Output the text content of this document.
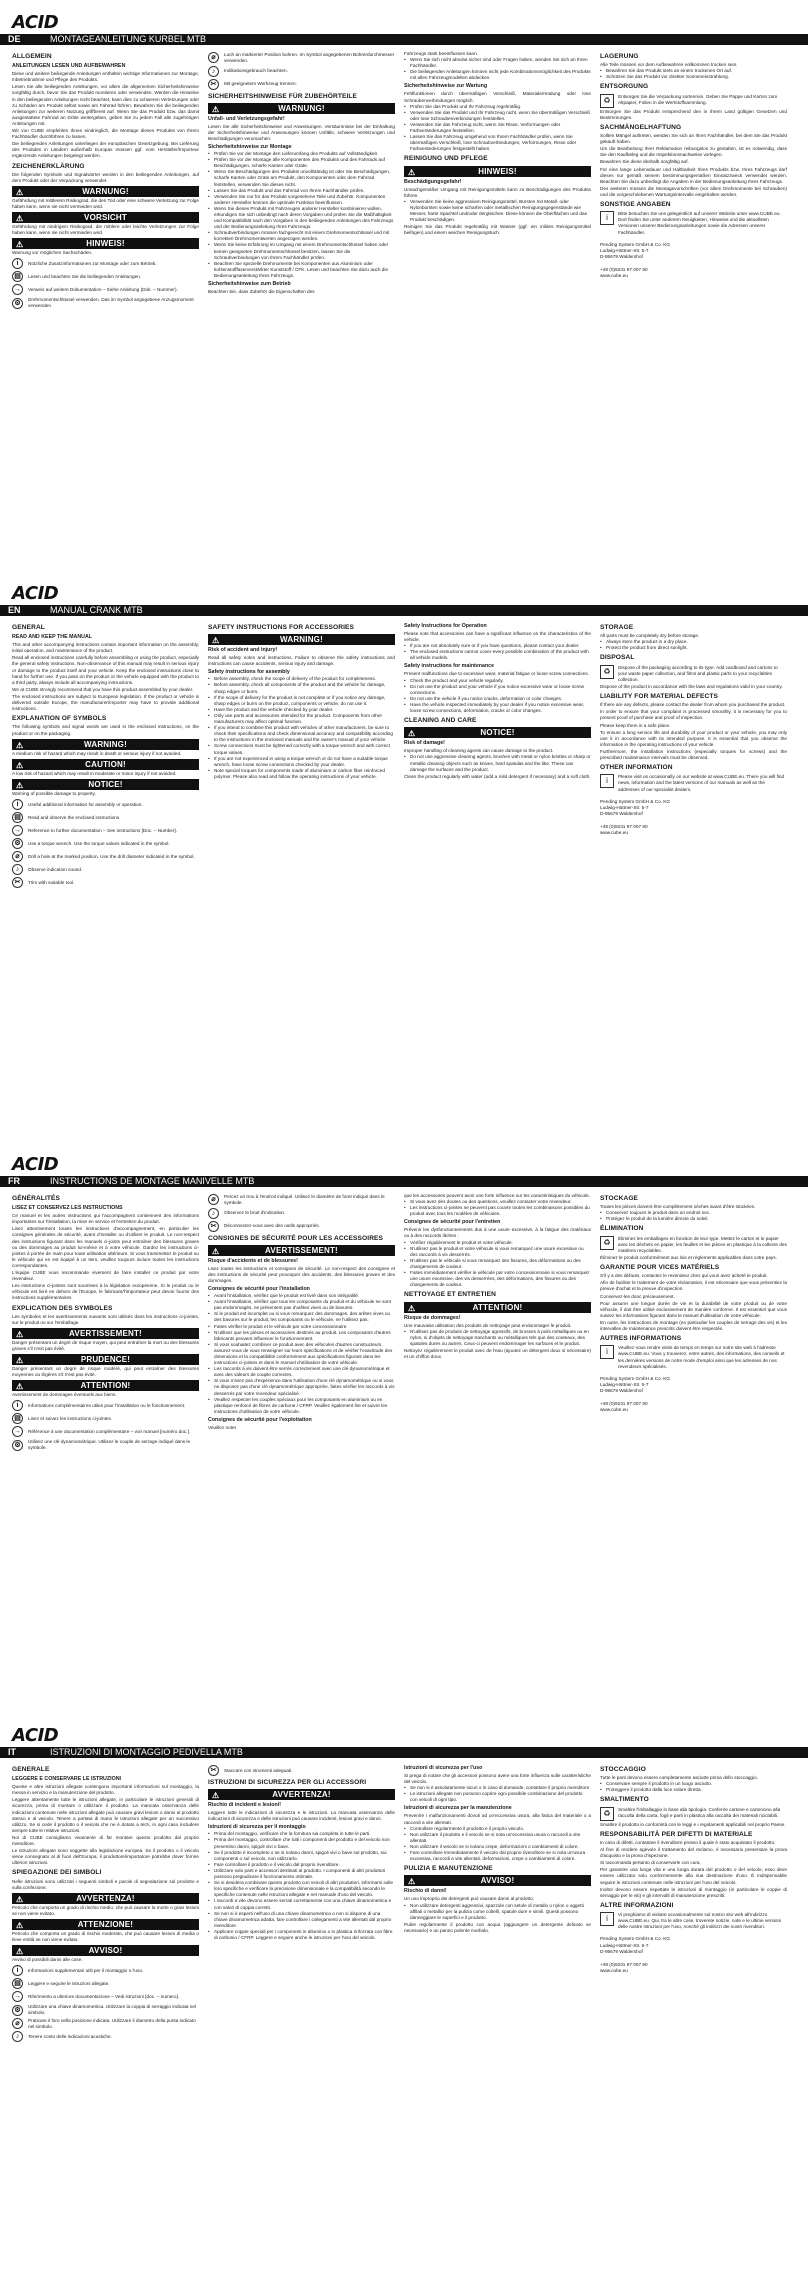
ACID
DE	MONTAGEANLEITUNG KURBEL MTB
ALLGEMEIN
ANLEITUNGEN LESEN UND AUFBEWAHREN
Diese und weitere beiliegende Anleitungen enthalten wichtige Informationen zur Montage, Inbetriebnahme und Pflege des Produkts.
Lesen Sie alle beiliegenden Anleitungen, vor allem die allgemeinen Sicherheitshinweise sorgfältig durch, bevor Sie das Produkt montieren oder verwenden. Werden die Hinweise in den beiliegenden Anleitungen nicht beachtet, kann dies zu schweren Verletzungen oder zu Schäden am Produkt selbst sowie am Fahrrad führen. Bewahren Sie die beiliegenden Anleitungen zur weiteren Nutzung griffbereit auf. Wenn Sie das Produkt bzw. das damit ausgestattete Fahrrad an Dritte weitergeben, geben Sie zu jedem Fall alle zugehörigen Anleitungen mit.
Wir von CUBE empfehlen Ihnen eindringlich, die Montage dieses Produkts von Ihrem Fachhändler durchführen zu lassen.
Die beiliegenden Anleitungen unterliegen der europäischen Gesetzgebung. Bei Lieferung des Produkts in Ländern außerhalb Europas müssen ggf. vom Hersteller/Importeur ergänzende Anleitungen beigelegt werden.
ZEICHENERKLÄRUNG
Die folgenden Symbole und Signalwörter werden in den beiliegenden Anleitungen, auf dem Produkt oder der Verpackung verwendet.
⚠	WARNUNG!
Gefährdung mit mittlerem Risikograd, die den Tod oder eine schwere Verletzung zur Folge haben kann, wenn sie nicht vermieden wird.
⚠	VORSICHT
Gefährdung mit niedrigem Risikograd, die mittlere oder leichte Verletzungen zur Folge haben kann, wenn sie nicht vermieden wird.
⚠	HINWEIS!
Warnung vor möglichen Sachschäden.
i	Nützliche Zusatzinformationen zur Montage oder zum Betrieb.
▤	Lesen und beachten Sie die beiliegenden Anleitungen.
→	Verweis auf weitere Dokumentation – Siehe Anleitung (Dok. – Nummer).
⚙	Drehmomentschlüssel verwenden. Das im Symbol angegebene Anzugsmoment verwenden.
⌀	Loch an markierter Position bohren. Im Symbol angegebenen Bohrerdurchmesser verwenden.
♪	Indikationsgebrauch beachten.
✂	Mit geeignetem Werkzeug trennen.
SICHERHEITSHINWEISE FÜR ZUBEHÖRTEILE
⚠	WARNUNG!
Unfall- und Verletzungsgefahr!
Lesen Sie alle Sicherheitshinweise und Anweisungen. Versäumnisse bei der Einhaltung der Sicherheitshinweise und Anweisungen können Unfälle, schwere Verletzungen und Beschädigungen verursachen.
Sicherheitshinweise zur Montage
• Prüfen Sie vor der Montage den Lieferumfang des Produkts auf Vollständigkeit.
• Prüfen Sie vor der Montage alle Komponenten des Produkts und des Fahrrads auf Beschädigungen, scharfe Kanten oder Grate.
• Wenn Sie Beschädigungen des Produkts unvollständig ist oder Sie Beschädigungen, scharfe Kanten oder Grate am Produkt, den Komponenten oder dem Fahrrad feststellen, verwenden Sie dieses nicht.
• Lassen Sie das Produkt und das Fahrrad von Ihrem Fachhändler prüfen.
• Verwenden Sie nur für das Produkt vorgesehene Teile und Zubehör. Komponenten anderer Hersteller können die optimale Funktion beeinflussen.
• Wenn Sie dieses Produkt mit Fahrzeugen anderer Hersteller kombinieren wollen, erkundigen Sie sich unbedingt nach deren Vorgaben und prüfen Sie die Maßhaltigkeit und Kompatibilität nach den Vorgaben in den beiliegenden Anleitungen des Fahrzeugs und der Bedienungsanleitung Ihres Fahrzeugs.
• Schraubverbindungen müssen fachgerecht mit einem Drehmomentschlüssel und mit korrekten Drehmomentwerten angezogen werden.
• Wenn Sie keine Erfahrung im Umgang mit einem Drehmomentschlüssel haben oder keinen geeigneten Drehmomentschlüssel besitzen, lassen Sie die Schraubverbindungen von Ihrem Fachhändler prüfen.
• Beachten Sie spezielle Drehmomente bei Komponenten aus Aluminium oder kohlenstofffaserverstärkter Kunststoff / CFK. Lesen und beachten Sie dazu auch die Bedienungsanleitung Ihres Fahrzeugs.
Sicherheitshinweise zum Betrieb
Beachten Sie, dass Zubehör die Eigenschaften des
Fahrzeugs stark beeinflussen kann.
• Wenn Sie sich nicht absolut sicher sind oder Fragen haben, wenden Sie sich an Ihren Fachhändler.
• Die beiliegenden Anleitungen können nicht jede Kombinationsmöglichkeit des Produkts mit allen Fahrzeugmodellen abdecken.
Sicherheitshinweise zur Wartung
Fehlfunktionen durch übermäßigen Verschleiß, Materialermüdung oder lose Schraubenverbindungen möglich.
• Prüfen Sie das Produkt und Ihr Fahrzeug regelmäßig.
• Verwenden Sie das Produkt und Ihr Fahrzeug nicht, wenn Sie übermäßigen Verschleiß oder lose Schraubenverbindungen feststellen.
• Verwenden Sie das Fahrzeug nicht, wenn Sie Risse, Verformungen oder Farbveränderungen feststellen.
• Lassen Sie das Fahrzeug umgehend von Ihrem Fachhändler prüfen, wenn Sie übermäßigen Verschleiß, lose Schraubverbindungen, Verformungen, Risse oder Farbveränderungen festgestellt haben.
REINIGUNG UND PFLEGE
⚠	HINWEIS!
Beschädigungsgefahr!
Unsachgemäßer Umgang mit Reinigungsmitteln kann zu Beschädigungen des Produkts führen.
• Verwenden Sie keine aggressiven Reinigungsmittel, Bürsten mit Metall- oder Nylonborsten sowie keine scharfen oder metallischen Reinigungsgegenstände wie Messer, harte Spachtel und/oder dergleichen. Diese können die Oberflächen und das Produkt beschädigen.
Reinigen Sie das Produkt regelmäßig mit Wasser (ggf. ein mildes Reinigungsmittel beifügen) und einem weichen Reinigungstuch.
LAGERUNG
Alle Teile müssen vor dem Aufbewahren vollkommen trocken sein.
• Bewahren Sie das Produkt stets an einem trockenen Ort auf.
• Schützen Sie das Produkt vor direkter Sonneneinstrahlung.
ENTSORGUNG
♻	Entsorgen Sie die Verpackung sortenrein. Geben Sie Pappe und Karton zum Altpapier, Folien in die Wertstoffsammlung.
Entsorgen Sie das Produkt entsprechend den in Ihrem Land gültigen Gesetzen und Bestimmungen.
SACHMÄNGELHAFTUNG
Sollten Mängel auftreten, wenden Sie sich an Ihren Fachhändler, bei dem Sie das Produkt gekauft haben.
Um die Bearbeitung Ihrer Reklamation reibungslos zu gestalten, ist es notwendig, dass Sie den Kaufbeleg und die Inspektionsnachweise vorlegen.
Bewahren Sie diese deshalb sorgfältig auf.
Für eine lange Lebensdauer und Haltbarkeit Ihres Produkts bzw. Ihres Fahrzeugs darf dieses nur gemäß seinem bestimmungsgemäßen Einsatzzweck verwendet werden. Beachten Sie dazu unbedingt die Angaben in der Bedienungsanleitung Ihres Fahrzeugs.
Des weiteren müssen die Montagevorschriften (vor allem Drehmomente bei Schrauben) und die vorgeschriebenen Wartungsintervalle eingehalten werden.
SONSTIGE ANGABEN
i	Bitte besuchen Sie uns gelegentlich auf unserer Website unter www.CUBE.eu. Dort finden Sie unter anderem Neuigkeiten, Hinweise und die aktuellsten Versionen unserer Bedienungsanleitungen sowie die Adressen unserer Fachhändler.
Pending System GmbH & Co. KG
Ludwig-Hüttner-Str. 5-7
D-95679 Waldershof
+49 (0)9231 97 007 80
www.cube.eu
ACID
EN	MANUAL CRANK MTB
GENERAL
READ AND KEEP THE MANUAL
This and other accompanying instructions contain important information on the assembly, initial operation, and maintenance of the product.
Read all enclosed instructions carefully before assembling or using the product, especially the general safety instructions. Non-observance of this manual may result in serious injury or damage to the product itself and your vehicle. Keep the enclosed instructions close to hand for further use. If you pass on the product or the vehicle equipped with the product to a third party, always include all accompanying instructions.
We at CUBE strongly recommend that you have this product assembled by your dealer.
The enclosed instructions are subject to European legislation. If the product or vehicle is delivered outside Europe, the manufacturer/importer may have to provide additional instructions.
EXPLANATION OF SYMBOLS
The following symbols and signal words are used in the enclosed instructions, on the product or on the packaging.
⚠	WARNING!
A medium risk of hazard which may result in death or serious injury if not avoided.
⚠	CAUTION!
A low risk of hazard which may result in moderate or minor injury if not avoided.
⚠	NOTICE!
Warning of possible damage to property.
i	Useful additional information for assembly or operation.
▤	Read and observe the enclosed instructions.
→	Reference to further documentation – See instructions [Doc. – Number].
⚙	Use a torque wrench. Use the torque values indicated in the symbol.
⌀	Drill a hole at the marked position. Use the drill diameter indicated in the symbol.
♪	Observe indication sound.
✂	Trim with suitable tool.
SAFETY INSTRUCTIONS FOR ACCESSORIES
⚠	WARNING!
Risk of accident and injury!
Read all safety notes and instructions. Failure to observe the safety instructions and instructions can cause accidents, serious injury and damage.
Safety instructions for assembly
• Before assembly, check the scope of delivery of the product for completeness.
• Before assembly, check all components of the product and the vehicle for damage, sharp edges or burrs.
• If the scope of delivery for the product is not complete or if you notice any damage, sharp edges or burrs on the product, components or vehicle, do not use it.
• Have the product and the vehicle checked by your dealer.
• Only use parts and accessories intended for the product. Components from other manufacturers may affect optimal function.
• If you intend to combine this product with vehicles of other manufacturers, be sure to check their specifications and check dimensional accuracy and compatibility according to the instructions in the enclosed manuals and the owner's manual of your vehicle.
• Screw connections must be tightened correctly with a torque wrench and with correct torque values.
• If you are not experienced in using a torque wrench or do not have a suitable torque wrench, have loose screw connections checked by your dealer.
• Note special torques for components made of aluminium or carbon fiber reinforced polymer. Please also read and follow the operating instructions of your vehicle.
Safety Instructions for Operation
Please note that accessories can have a significant influence on the characteristics of the vehicle.
• If you are not absolutely sure or if you have questions, please contact your dealer.
• The enclosed instructions cannot cover every possible combination of the product with all vehicle models.
Safety instructions for maintenance
Present malfunctions due to excessive wear, material fatigue or loose screw connections.
• Check the product and your vehicle regularly.
• Do not use the product and your vehicle if you notice excessive wear or loose screw connections.
• Do not use the vehicle if you notice cracks, deformation or color changes.
• Have the vehicle inspected immediately by your dealer if you notice excessive wear, loose screw connections, deformation, cracks or color changes.
CLEANING AND CARE
⚠	NOTICE!
Risk of damage!
Improper handling of cleaning agents can cause damage to the product.
• Do not use aggressive cleaning agents, brushes with metal or nylon bristles or sharp or metallic cleaning objects such as knives, hard spatulas and the like. These can damage the surfaces and the product.
Clean the product regularly with water (add a mild detergent if necessary) and a soft cloth.
STORAGE
All parts must be completely dry before storage.
• Always store the product in a dry place.
• Protect the product from direct sunlight.
DISPOSAL
♻	Dispose of the packaging according to its type. Add cardboard and cartons to your waste paper collection, and films and plastic parts to your recyclables collection.
Dispose of the product in accordance with the laws and regulations valid in your country.
LIABILITY FOR MATERIAL DEFECTS
If there are any defects, please contact the dealer from whom you purchased the product.
In order to ensure that your complaint is processed smoothly, it is necessary for you to present proof of purchase and proof of inspection.
Please keep them in a safe place.
To ensure a long service life and durability of your product or your vehicle, you may only use it in accordance with its intended purpose. It is essential that you observe the information in the operating instructions of your vehicle.
Furthermore, the installation instructions (especially torques for screws) and the prescribed maintenance intervals must be observed.
OTHER INFORMATION
i	Please visit us occasionally on our website at www.CUBE.eu. There you will find news, information and the latest versions of our manuals as well as the addresses of our specialist dealers.
Pending System GmbH & Co. KG
Ludwig-Hüttner-Str. 5-7
D-95679 Waldershof
+49 (0)9231 97 007 80
www.cube.eu
ACID
FR	INSTRUCTIONS DE MONTAGE MANIVELLE MTB
GÉNÉRALITÉS
LISEZ ET CONSERVEZ LES INSTRUCTIONS
Ce manuel et les autres instructions qui l'accompagnent contiennent des informations importantes sur l'installation, la mise en service et l'entretien du produit.
Lisez attentivement toutes les instructions d'accompagnement, en particulier les consignes générales de sécurité, avant d'installer ou d'utiliser le produit. Le non-respect des instructions figurant dans les manuels ci-joints peut entraîner des blessures graves ou des dommages au produit lui-même et à votre véhicule. Gardez les instructions ci-jointes à portée de main pour toute utilisation ultérieure. Si vous transmettez le produit ou le véhicule qui en est équipé à un tiers, veuillez toujours inclure toutes les instructions correspondantes.
L'équipe CUBE vous recommande vivement de faire installer ce produit par votre revendeur.
Les instructions ci-jointes sont soumises à la législation européenne. Si le produit ou le véhicule est livré en dehors de l'Europe, le fabricant/l'importateur peut devoir fournir des instructions supplémentaires.
EXPLICATION DES SYMBOLES
Les symboles et les avertissements suivants sont utilisés dans les instructions ci-jointes, sur le produit ou sur l'emballage.
⚠	AVERTISSEMENT!
Danger présentant un degré de risque moyen, qui peut entraîner la mort ou des blessures graves s'il n'est pas évité.
⚠	PRUDENCE!
Danger présentant un degré de risque modéré, qui peut entraîner des blessures moyennes ou légères s'il n'est pas évité.
⚠	ATTENTION!
Avertissement de dommages éventuels aux biens.
i	Informations complémentaires utiles pour l'installation ou le fonctionnement.
▤	Lisez et suivez les instructions ci-jointes.
→	Référence à une documentation complémentaire – voir manuel [numéro doc.].
⚙	Utilisez une clé dynamométrique. Utilisez le couple de serrage indiqué dans le symbole.
⌀	Percez un trou à l'endroit indiqué. Utilisez le diamètre de foret indiqué dans le symbole.
♪	Observez le bruit d'indication.
✂	Déconnectez-vous avec des outils appropriés.
CONSIGNES DE SÉCURITÉ POUR LES ACCESSOIRES
⚠	AVERTISSEMENT!
Risque d'accidents et de blessures!
Lisez toutes les instructions et consignes de sécurité. Le non-respect des consignes et des instructions de sécurité peut provoquer des accidents, des blessures graves et des dommages.
Consignes de sécurité pour l'installation
• Avant l'installation, vérifiez que le produit est livré dans son intégralité.
• Avant l'installation, vérifiez que tous les composants du produit et du véhicule ne sont pas endommagés, ne présentent pas d'arêtes vives ou de bavures.
• Si le produit est incomplet ou si vous remarquez des dommages, des arêtes vives ou des bavures sur le produit, les composants ou le véhicule, ne l'utilisez pas.
• Faites vérifier le produit et le véhicule par votre concessionnaire.
• N'utilisez que les pièces et accessoires destinés au produit. Les composants d'autres fabricants peuvent influencer le fonctionnement.
• Si vous souhaitez combiner ce produit avec des véhicules d'autres constructeurs, assurez-vous de vous renseigner sur leurs spécifications et de vérifier l'exactitude des dimensions et la compatibilité conformément aux spécifications figurant dans les instructions ci-jointes et dans le manuel d'utilisation de votre véhicule.
• Les raccords à vis doivent être serrés correctement avec une clé dynamométrique et avec des valeurs de couple correctes.
• Si vous n'avez pas d'expérience dans l'utilisation d'une clé dynamométrique ou si vous ne disposez pas d'une clé dynamométrique appropriée, faites vérifier les raccords à vis desserrés par votre revendeur spécialisé.
• Veuillez respecter les couples spéciaux pour les composants en aluminium ou en plastique renforcé de fibres de carbone / CFRP. Veuillez également lire et suivre les instructions d'utilisation de votre véhicule.
Consignes de sécurité pour l'exploitation
Veuillez noter
que les accessoires peuvent avoir une forte influence sur les caractéristiques du véhicule.
• Si vous avez des doutes ou des questions, veuillez contacter votre revendeur.
• Les instructions ci-jointes ne peuvent pas couvrir toutes les combinaisons possibles du produit avec tous les modèles de véhicules.
Consignes de sécurité pour l'entretien
Prévenir les dysfonctionnements dus à une usure excessive, à la fatigue des matériaux ou à des raccords lâches :
• Vérifiez régulièrement le produit et votre véhicule.
• N'utilisez pas le produit et votre véhicule si vous remarquez une usure excessive ou des raccords à vis desserrés.
• N'utilisez pas le véhicule si vous remarquez des fissures, des déformations ou des changements de couleur.
• Faites immédiatement vérifier le véhicule par votre concessionnaire si vous remarquez une usure excessive, des vis desserrées, des déformations, des fissures ou des changements de couleur.
NETTOYAGE ET ENTRETIEN
⚠	ATTENTION!
Risque de dommages!
Une mauvaise utilisation des produits de nettoyage peut endommager le produit.
• N'utilisez pas de produits de nettoyage agressifs, de brosses à poils métalliques ou en nylon, ni d'objets de nettoyage tranchants ou métalliques tels que des couteaux, des spatules dures ou autres. Ceux-ci peuvent endommager les surfaces et le produit.
Nettoyez régulièrement le produit avec de l'eau (ajoutez un détergent doux si nécessaire) et un chiffon doux.
STOCKAGE
Toutes les pièces doivent être complètement sèches avant d'être stockées.
• Conservez toujours le produit dans un endroit sec.
• Protégez le produit de la lumière directe du soleil.
ÉLIMINATION
♻	Éliminez les emballages en fonction de leur type. Mettez le carton et le papier avec les déchets en papier, les feuilles et les pièces en plastique à la collecte des matières recyclables.
Éliminez le produit conformément aux lois et règlements applicables dans votre pays.
GARANTIE POUR VICES MATÉRIELS
S'il y a des défauts, contactez le revendeur chez qui vous avez acheté le produit.
Afin de faciliter le traitement de votre réclamation, il est nécessaire que vous présentiez la preuve d'achat et la preuve d'inspection.
Conservez-les donc précieusement.
Pour assurer une longue durée de vie et la durabilité de votre produit ou de votre véhicule, il doit être utilisé exclusivement de manière conforme. Il est essentiel que vous suiviez les informations figurant dans le manuel d'utilisation de votre véhicule.
En outre, les instructions de montage (en particulier les couples de serrage des vis) et les intervalles de maintenance prescrits doivent être respectés.
AUTRES INFORMATIONS
i	Veuillez nous rendre visite de temps en temps sur notre site web à l'adresse www.CUBE.eu. Vous y trouverez, entre autres, des informations, des conseils et les dernières versions de notre mode d'emploi ainsi que les adresses de nos revendeurs spécialisés.
Pending System GmbH & Co. KG
Ludwig-Hüttner-Str. 5-7
D-95679 Waldershof
+49 (0)9231 97 007 80
www.cube.eu
ACID
IT	ISTRUZIONI DI MONTAGGIO PEDIVELLA MTB
GENERALE
LEGGERE E CONSERVARE LE ISTRUZIONI
Queste e altre istruzioni allegate contengono importanti informazioni sul montaggio, la messa in servizio e la manutenzione del prodotto.
Leggere attentamente tutte le istruzioni allegate, in particolare le istruzioni generali di sicurezza, prima di montare o utilizzare il prodotto. La mancata osservanza delle indicazioni contenute nelle istruzioni allegate può causare gravi lesioni o danni al prodotto stesso e al veicolo. Tenere a portata di mano le istruzioni allegate per un successivo utilizzo. Se si cede il prodotto o il veicolo che ne è dotato a terzi, in ogni caso includere sempre tutte le relative istruzioni.
Noi di CUBE consigliamo vivamente di far montare questo prodotto dal proprio rivenditore.
Le istruzioni allegate sono soggette alla legislazione europea. Se il prodotto o il veicolo viene consegnato al di fuori dell'Europa, il produttore/importatore potrebbe dover fornire ulteriori istruzioni.
SPIEGAZIONE DEI SIMBOLI
Nelle istruzioni sono utilizzati i seguenti simboli e parole di segnalazione sul prodotto e sulla confezione.
⚠	AVVERTENZA!
Pericolo che comporta un grado di rischio medio, che può causare la morte o gravi lesioni se non viene evitato.
⚠	ATTENZIONE!
Pericolo che comporta un grado di rischio moderato, che può causare lesioni di media o lieve entità se non viene evitato.
⚠	AVVISO!
Avviso di possibili danni alle cose.
i	Informazioni supplementari utili per il montaggio o l'uso.
▤	Leggere e seguire le istruzioni allegate.
→	Riferimento a ulteriore documentazione – Vedi istruzioni [doc. – numero].
⚙	Utilizzare una chiave dinamometrica. Utilizzare la coppia di serraggio indicata nel simbolo.
⌀	Praticare il foro nella posizione indicata. Utilizzare il diametro della punta indicato nel simbolo.
♪	Tenere conto delle indicazioni acustiche.
✂	Staccare con strumenti adeguati.
ISTRUZIONI DI SICUREZZA PER GLI ACCESSORI
⚠	AVVERTENZA!
Rischio di incidenti e lesioni!
Leggere tutte le indicazioni di sicurezza e le istruzioni. La mancata osservanza delle indicazioni di sicurezza e delle istruzioni può causare incidenti, lesioni gravi e danni.
Istruzioni di sicurezza per il montaggio
• Prima del montaggio, verificare che la fornitura sia completa in tutte le parti.
• Prima del montaggio, controllare che tutti i componenti del prodotto e del veicolo non presentino danni, spigoli vivi o bave.
• Se il prodotto è incompleto o se si notano danni, spigoli vivi o bave sul prodotto, sui componenti o sul veicolo, non utilizzarlo.
• Fare controllare il prodotto e il veicolo dal proprio rivenditore.
• Utilizzare solo parti e accessori destinati al prodotto. I componenti di altri produttori possono pregiudicare il funzionamento ottimale.
• Se si desidera combinare questo prodotto con veicoli di altri produttori, informarsi sulle loro specifiche e verificare la precisione dimensionale e la compatibilità secondo le specifiche contenute nelle istruzioni allegate e nel manuale d'uso del veicolo.
• I raccordi a vite devono essere serrati correttamente con una chiave dinamometrica e con valori di coppia corretti.
• Se non si è esperti nell'uso di una chiave dinamometrica o non si dispone di una chiave dinamometrica adatta, fare controllare i collegamenti a vite allentati dal proprio rivenditore.
• Applicare coppie speciali per i componenti in alluminio o in plastica rinforzata con fibre di carbonio / CFRP. Leggere e seguire anche le istruzioni per l'uso del veicolo.
Istruzioni di sicurezza per l'uso
Si prega di notare che gli accessori possono avere una forte influenza sulle caratteristiche del veicolo.
• Se non si è assolutamente sicuri o in caso di domande, contattare il proprio rivenditore.
• Le istruzioni allegate non possono coprire ogni possibile combinazione del prodotto con veicoli di ogni tipo.
Istruzioni di sicurezza per la manutenzione
Prevenire i malfunzionamenti dovuti ad un'eccessiva usura, alla fatica del materiale o a raccordi a vite allentati.
• Controllare regolarmente il prodotto e il proprio veicolo.
• Non utilizzare il prodotto e il veicolo se si nota un'eccessiva usura o raccordi a vite allentati.
• Non utilizzare il veicolo se si notano crepe, deformazioni o cambiamenti di colore.
• Fare controllare immediatamente il veicolo dal proprio rivenditore se si nota un'usura eccessiva, raccordi a vite allentati, deformazioni, crepe o cambiamenti di colore.
PULIZIA E MANUTENZIONE
⚠	AVVISO!
Rischio di danni!
Un uso improprio dei detergenti può causare danni al prodotto.
• Non utilizzare detergenti aggressivi, spazzole con setole di metallo o nylon o oggetti affilati o metallici per la pulizia come coltelli, spatole dure e simili. Questi possono danneggiare le superfici e il prodotto.
Pulire regolarmente il prodotto con acqua (aggiungere un detergente delicato se necessario) e un panno pulente morbido.
STOCCAGGIO
Tutte le parti devono essere completamente asciutte prima dello stoccaggio.
• Conservare sempre il prodotto in un luogo asciutto.
• Proteggere il prodotto dalla luce solare diretta.
SMALTIMENTO
♻	Smaltire l'imballaggio in base alla tipologia. Conferire cartone e cartoncino alla raccolta della carta, fogli e parti in plastica alla raccolta dei materiali riciclabili.
Smaltire il prodotto in conformità con le leggi e i regolamenti applicabili nel proprio Paese.
RESPONSABILITÀ PER DIFETTI DI MATERIALE
In caso di difetti, contattare il rivenditore presso il quale è stato acquistato il prodotto.
Al fine di rendere agevole il trattamento del reclamo, è necessario presentare la prova d'acquisto e la prova d'ispezione.
Si raccomanda pertanto di conservarle con cura.
Per garantire una lunga vita e una lunga durata del prodotto o del veicolo, esso deve essere utilizzato solo conformemente alla sua destinazione d'uso. È indispensabile seguire le istruzioni contenute nelle istruzioni per l'uso del veicolo.
Inoltre devono essere rispettate le istruzioni di montaggio (in particolare le coppie di serraggio per le viti) e gli intervalli di manutenzione prescritti.
ALTRE INFORMAZIONI
i	Vi preghiamo di visitare occasionalmente sul nostro sito web all'indirizzo www.CUBE.eu. Qui, tra le altre cose, troverete notizie, note e le ultime versioni delle nostre istruzioni per l'uso, nonché gli indirizzi dei nostri rivenditori.
Pending System GmbH & Co. KG
Ludwig-Hüttner-Str. 5-7
D-95679 Waldershof
+49 (0)9231 97 007 80
www.cube.eu
